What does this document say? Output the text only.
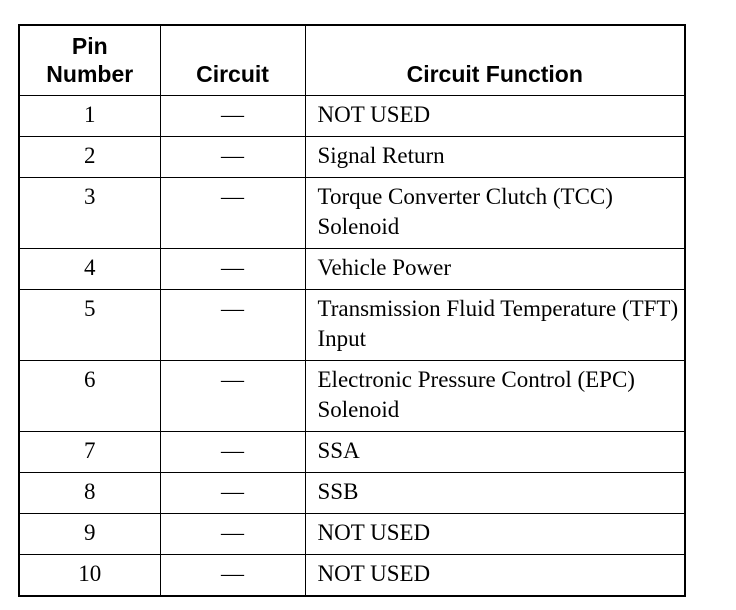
Pin
Number	Circuit	Circuit Function
1	—	NOT USED
2	—	Signal Return
3	—	Torque Converter Clutch (TCC) Solenoid
4	—	Vehicle Power
5	—	Transmission Fluid Temperature (TFT) Input
6	—	Electronic Pressure Control (EPC) Solenoid
7	—	SSA
8	—	SSB
9	—	NOT USED
10	—	NOT USED
